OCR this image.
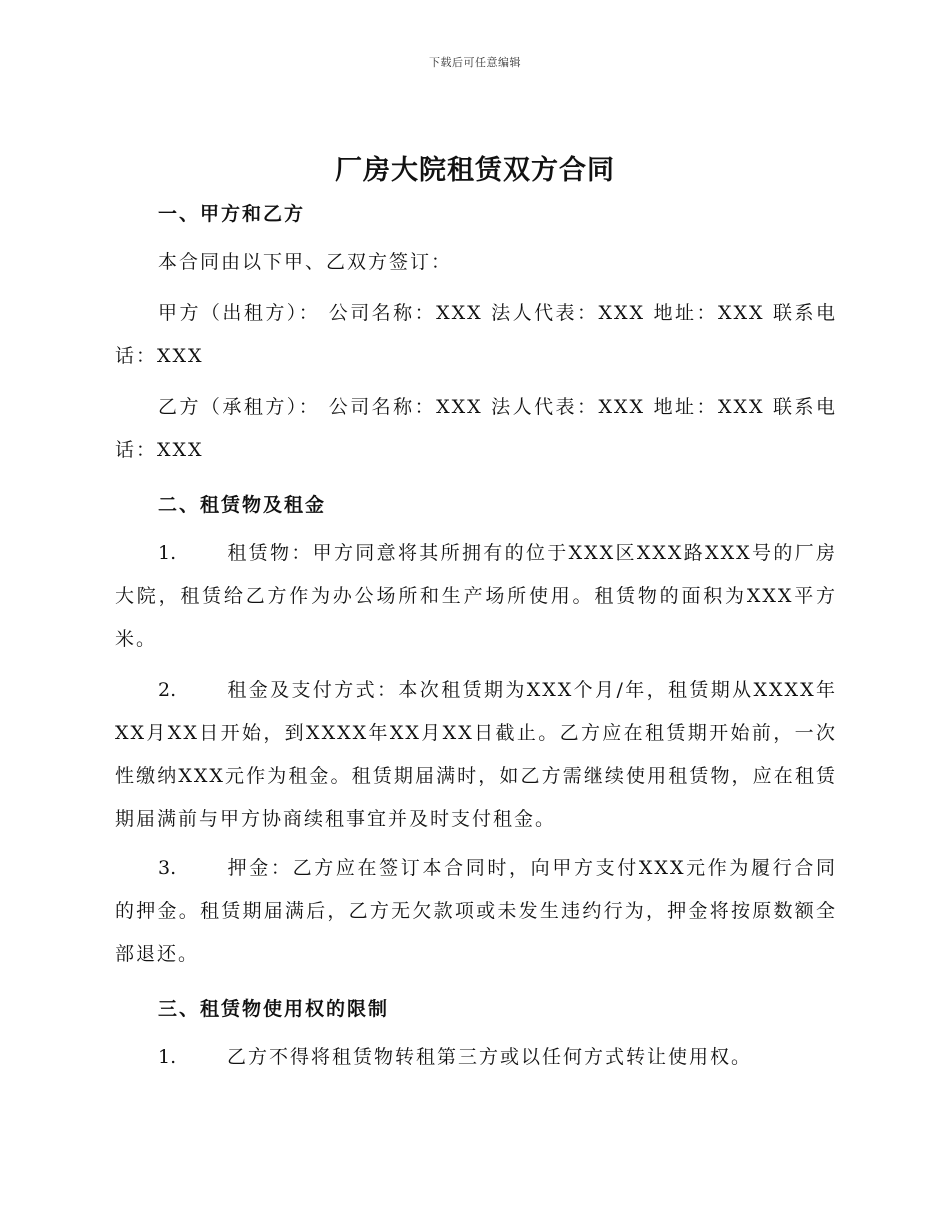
下载后可任意编辑
厂房大院租赁双方合同
一、甲方和乙方
本合同由以下甲、乙双方签订：
甲方（出租方）： 公司名称：XXX 法人代表：XXX 地址：XXX 联系电话：XXX
乙方（承租方）： 公司名称：XXX 法人代表：XXX 地址：XXX 联系电话：XXX
二、租赁物及租金
1.	租赁物：甲方同意将其所拥有的位于XXX区XXX路XXX号的厂房大院，租赁给乙方作为办公场所和生产场所使用。租赁物的面积为XXX平方米。
2.	租金及支付方式：本次租赁期为XXX个月/年，租赁期从XXXX年XX月XX日开始，到XXXX年XX月XX日截止。乙方应在租赁期开始前，一次性缴纳XXX元作为租金。租赁期届满时，如乙方需继续使用租赁物，应在租赁期届满前与甲方协商续租事宜并及时支付租金。
3.	押金：乙方应在签订本合同时，向甲方支付XXX元作为履行合同的押金。租赁期届满后，乙方无欠款项或未发生违约行为，押金将按原数额全部退还。
三、租赁物使用权的限制
1.	乙方不得将租赁物转租第三方或以任何方式转让使用权。
